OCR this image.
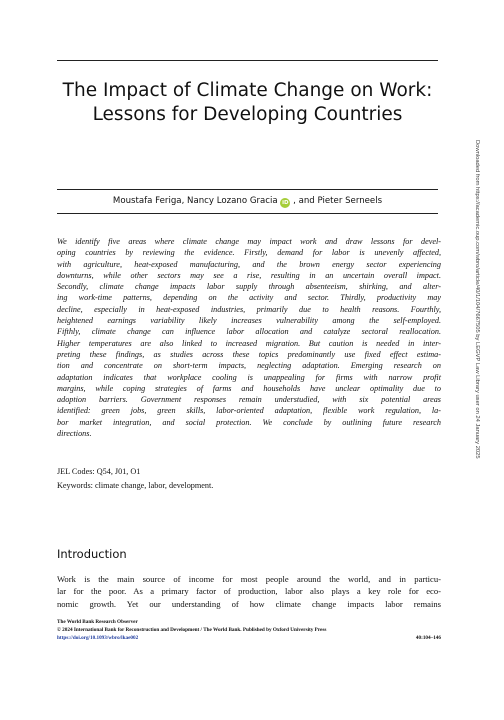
The Impact of Climate Change on Work:
Lessons for Developing Countries
Moustafa Feriga, Nancy Lozano Gracia iD , and Pieter Serneels
We identify five areas where climate change may impact work and draw lessons for devel-
oping countries by reviewing the evidence. Firstly, demand for labor is unevenly affected,
with agriculture, heat-exposed manufacturing, and the brown energy sector experiencing
downturns, while other sectors may see a rise, resulting in an uncertain overall impact.
Secondly, climate change impacts labor supply through absenteeism, shirking, and alter-
ing work-time patterns, depending on the activity and sector. Thirdly, productivity may
decline, especially in heat-exposed industries, primarily due to health reasons. Fourthly,
heightened earnings variability likely increases vulnerability among the self-employed.
Fifthly, climate change can influence labor allocation and catalyze sectoral reallocation.
Higher temperatures are also linked to increased migration. But caution is needed in inter-
preting these findings, as studies across these topics predominantly use fixed effect estima-
tion and concentrate on short-term impacts, neglecting adaptation. Emerging research on
adaptation indicates that workplace cooling is unappealing for firms with narrow profit
margins, while coping strategies of farms and households have unclear optimality due to
adoption barriers. Government responses remain understudied, with six potential areas
identified: green jobs, green skills, labor-oriented adaptation, flexible work regulation, la-
bor market integration, and social protection. We conclude by outlining future research
directions.
JEL Codes: Q54, J01, O1
Keywords: climate change, labor, development.
Introduction
Work is the main source of income for most people around the world, and in particu-
lar for the poor. As a primary factor of production, labor also plays a key role for eco-
nomic growth. Yet our understanding of how climate change impacts labor remains
The World Bank Research Observer
© 2024 International Bank for Reconstruction and Development / The World Bank. Published by Oxford University Press
https://doi.org/10.1093/wbro/lkae002	40:104–146
Downloaded from https://academic.oup.com/wbro/article/40/1/104/7667505 by LEGVP Law Library user on 24 January 2025
